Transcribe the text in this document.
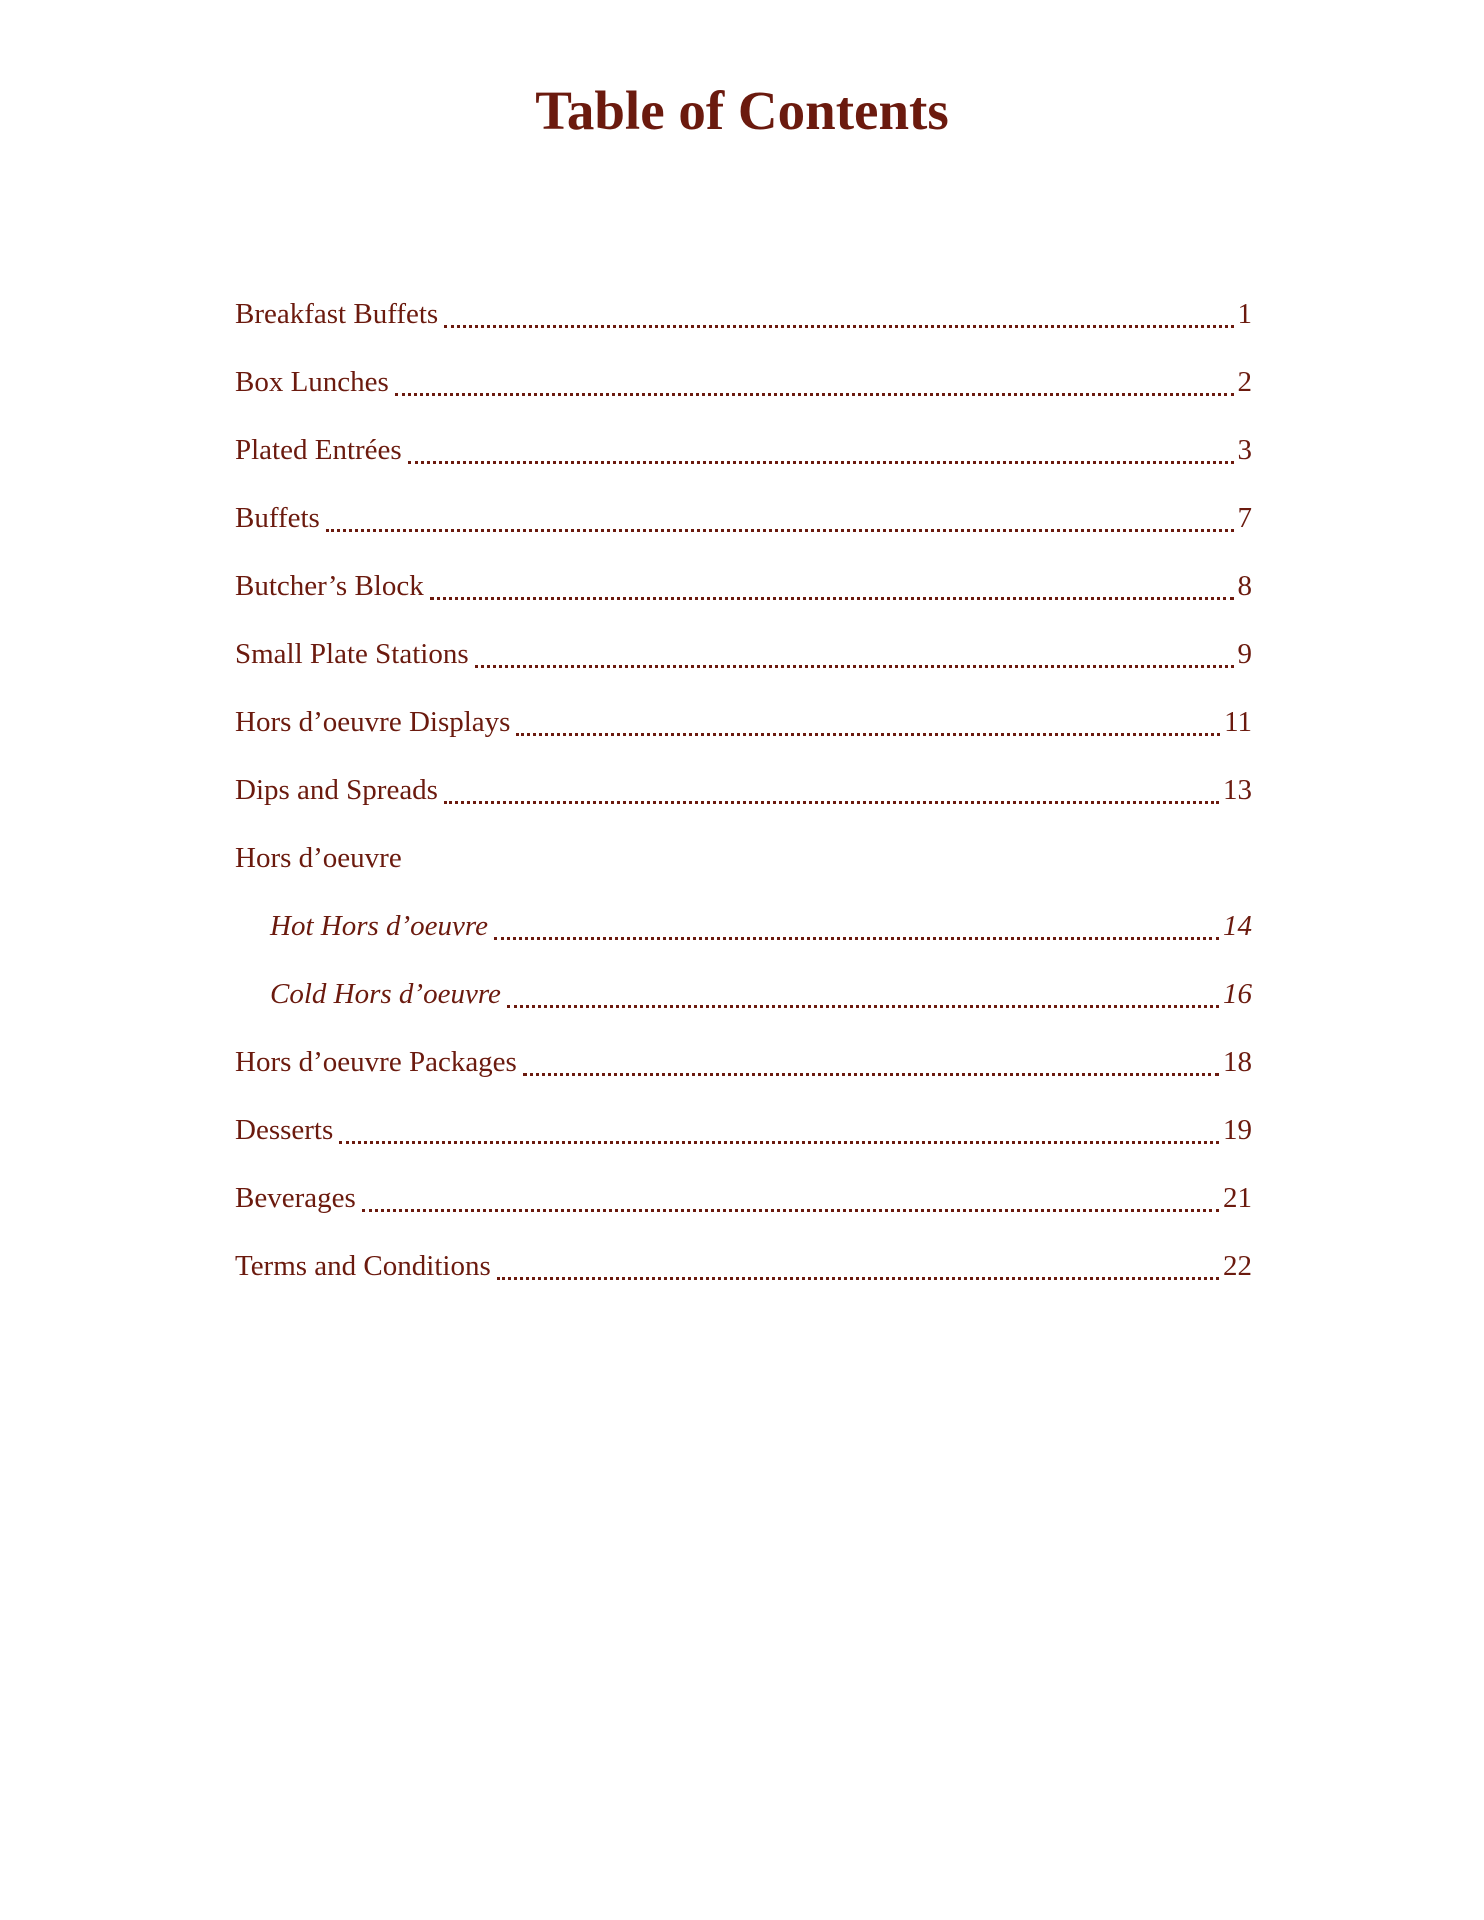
Table of Contents
Breakfast Buffets	1
Box Lunches	2
Plated Entrées	3
Buffets	7
Butcher’s Block	8
Small Plate Stations	9
Hors d’oeuvre Displays	11
Dips and Spreads	13
Hors d’oeuvre
Hot Hors d’oeuvre	14
Cold Hors d’oeuvre	16
Hors d’oeuvre Packages	18
Desserts	19
Beverages	21
Terms and Conditions	22
